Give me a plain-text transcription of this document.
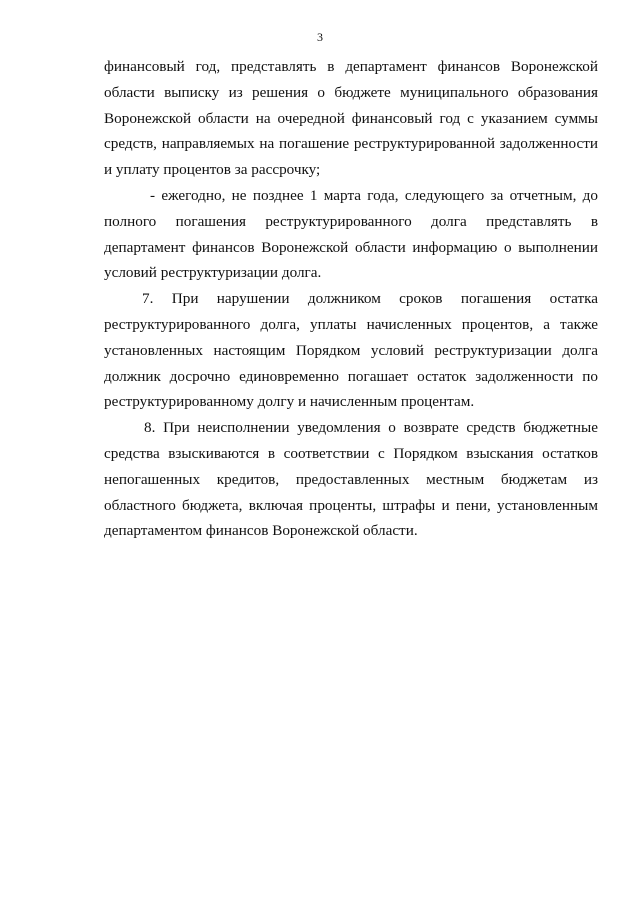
3
финансовый год, представлять в департамент финансов Воронежской
области выписку из решения о бюджете муниципального образования
Воронежской области на очередной финансовый год с указанием суммы
средств, направляемых на погашение реструктурированной задолженности
и уплату процентов за рассрочку;
- ежегодно, не позднее 1 марта года, следующего за отчетным, до
полного погашения реструктурированного долга представлять в
департамент финансов Воронежской области информацию о выполнении
условий реструктуризации долга.
7. При нарушении должником сроков погашения остатка
реструктурированного долга, уплаты начисленных процентов, а также
установленных настоящим Порядком условий реструктуризации долга
должник досрочно единовременно погашает остаток задолженности по
реструктурированному долгу и начисленным процентам.
8. При неисполнении уведомления о возврате средств бюджетные
средства взыскиваются в соответствии с Порядком взыскания остатков
непогашенных кредитов, предоставленных местным бюджетам из
областного бюджета, включая проценты, штрафы и пени, установленным
департаментом финансов Воронежской области.
